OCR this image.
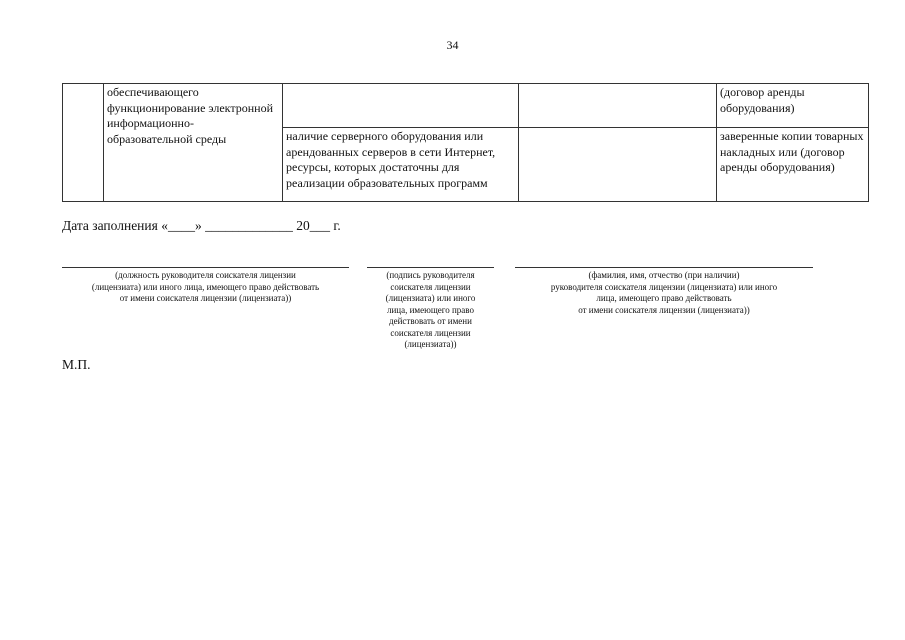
34
	обеспечивающего функционирование электронной информационно-образовательной среды			(договор аренды оборудования)
		наличие серверного оборудования или арендованных серверов в сети Интернет, ресурсы, которых достаточны для реализации образовательных программ		заверенные копии товарных накладных или (договор аренды оборудования)
Дата заполнения «____» _____________ 20___ г.
(должность руководителя соискателя лицензии
(лицензиата) или иного лица, имеющего право действовать
от имени соискателя лицензии (лицензиата))
(подпись руководителя
соискателя лицензии
(лицензиата) или иного
лица, имеющего право
действовать от имени
соискателя лицензии
(лицензиата))
(фамилия, имя, отчество (при наличии)
руководителя соискателя лицензии (лицензиата) или иного
лица, имеющего право действовать
от имени соискателя лицензии (лицензиата))
М.П.
